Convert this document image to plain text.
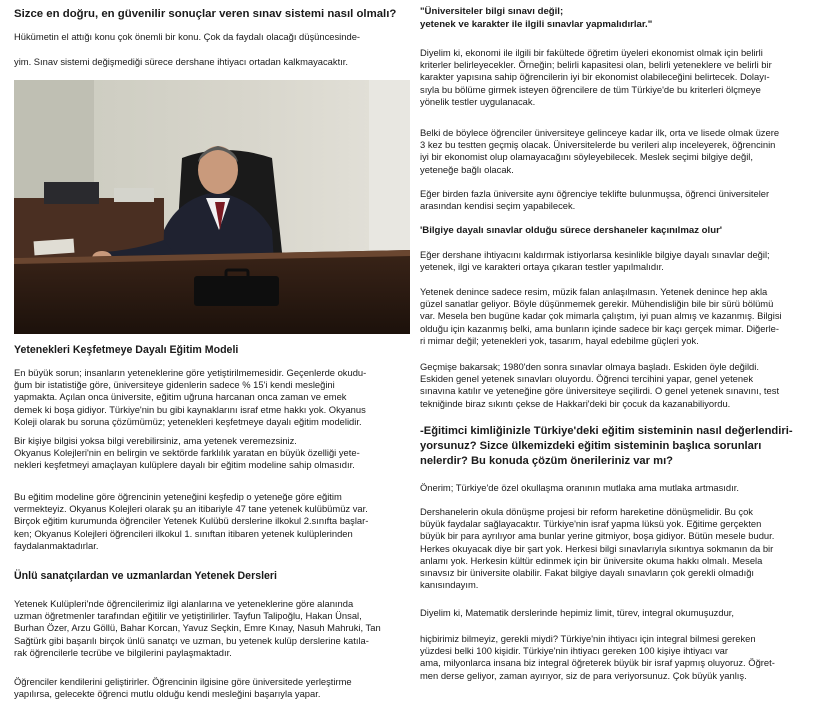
Sizce en doğru, en güvenilir sonuçlar veren sınav sistemi nasıl olmalı?
Hükümetin el attığı konu çok önemli bir konu. Çok da faydalı olacağı düşüncesinde-
yim. Sınav sistemi değişmediği sürece dershane ihtiyacı ortadan kalkmayacaktır.
Yetenekleri Keşfetmeye Dayalı Eğitim Modeli
En büyük sorun; insanların yeteneklerine göre yetiştirilmemesidir. Geçenlerde okudu-
ğum bir istatistiğe göre, üniversiteye gidenlerin sadece % 15'i kendi mesleğini
yapmakta. Açılan onca üniversite, eğitim uğruna harcanan onca zaman ve emek
demek ki boşa gidiyor. Türkiye'nin bu gibi kaynaklarını israf etme hakkı yok. Okyanus
Koleji olarak bu soruna çözümümüz; yetenekleri keşfetmeye dayalı eğitim modelidir.
Bir kişiye bilgisi yoksa bilgi verebilirsiniz, ama yetenek veremezsiniz.
Okyanus Kolejleri'nin en belirgin ve sektörde farklılık yaratan en büyük özelliği yete-
nekleri keşfetmeyi amaçlayan kulüplere dayalı bir eğitim modeline sahip olmasıdır.
Bu eğitim modeline göre öğrencinin yeteneğini keşfedip o yeteneğe göre eğitim
vermekteyiz. Okyanus Kolejleri olarak şu an itibariyle 47 tane yetenek kulübümüz var.
Birçok eğitim kurumunda öğrenciler Yetenek Kulübü derslerine ilkokul 2.sınıfta başlar-
ken; Okyanus Kolejleri öğrencileri ilkokul 1. sınıftan itibaren yetenek kulüplerinden
faydalanmaktadırlar.
Ünlü sanatçılardan ve uzmanlardan Yetenek Dersleri
Yetenek Kulüpleri'nde öğrencilerimiz ilgi alanlarına ve yeteneklerine göre alanında
uzman öğretmenler tarafından eğitilir ve yetiştirilirler. Tayfun Talipoğlu, Hakan Ünsal,
Burhan Özer, Arzu Göllü, Bahar Korcan, Yavuz Seçkin, Emre Kınay, Nasuh Mahruki, Tan
Sağtürk gibi başarılı birçok ünlü sanatçı ve uzman, bu yetenek kulüp derslerine katıla-
rak öğrencilerle tecrübe ve bilgilerini paylaşmaktadır.
Öğrenciler kendilerini geliştirirler. Öğrencinin ilgisine göre üniversitede yerleştirme
yapılırsa, gelecekte öğrenci mutlu olduğu kendi mesleğini başarıyla yapar.
"Üniversiteler bilgi sınavı değil;
yetenek ve karakter ile ilgili sınavlar yapmalıdırlar."
Diyelim ki, ekonomi ile ilgili bir fakültede öğretim üyeleri ekonomist olmak için belirli
kriterler belirleyecekler. Örneğin; belirli kapasitesi olan, belirli yeteneklere ve belirli bir
karakter yapısına sahip öğrencilerin iyi bir ekonomist olabileceğini belirtecek. Dolayı-
sıyla bu bölüme girmek isteyen öğrencilere de tüm Türkiye'de bu kriterleri ölçmeye
yönelik testler uygulanacak.
Belki de böylece öğrenciler üniversiteye gelinceye kadar ilk, orta ve lisede olmak üzere
3 kez bu testten geçmiş olacak. Üniversitelerde bu verileri alıp inceleyerek, öğrencinin
iyi bir ekonomist olup olamayacağını söyleyebilecek. Meslek seçimi bilgiye değil,
yeteneğe bağlı olacak.
Eğer birden fazla üniversite aynı öğrenciye teklifte bulunmuşsa, öğrenci üniversiteler
arasından kendisi seçim yapabilecek.
'Bilgiye dayalı sınavlar olduğu sürece dershaneler kaçınılmaz olur'
Eğer dershane ihtiyacını kaldırmak istiyorlarsa kesinlikle bilgiye dayalı sınavlar değil;
yetenek, ilgi ve karakteri ortaya çıkaran testler yapılmalıdır.
Yetenek denince sadece resim, müzik falan anlaşılmasın. Yetenek denince hep akla
güzel sanatlar geliyor. Böyle düşünmemek gerekir. Mühendisliğin bile bir sürü bölümü
var. Mesela ben bugüne kadar çok mimarla çalıştım, iyi puan almış ve kazanmış. Bilgisi
olduğu için kazanmış belki, ama bunların içinde sadece bir kaçı gerçek mimar. Diğerle-
ri mimar değil; yetenekleri yok, tasarım, hayal edebilme güçleri yok.
Geçmişe bakarsak; 1980'den sonra sınavlar olmaya başladı. Eskiden öyle değildi.
Eskiden genel yetenek sınavları oluyordu. Öğrenci tercihini yapar, genel yetenek
sınavına katılır ve yeteneğine göre üniversiteye seçilirdi. O genel yetenek sınavını, test
tekniğinde biraz sıkıntı çekse de Hakkari'deki bir çocuk da kazanabiliyordu.
-Eğitimci kimliğinizle Türkiye'deki eğitim sisteminin nasıl değerlendiri-
yorsunuz? Sizce ülkemizdeki eğitim sisteminin başlıca sorunları
nelerdir? Bu konuda çözüm önerileriniz var mı?
Önerim; Türkiye'de özel okullaşma oranının mutlaka ama mutlaka artmasıdır.
Dershanelerin okula dönüşme projesi bir reform hareketine dönüşmelidir. Bu çok
büyük faydalar sağlayacaktır. Türkiye'nin israf yapma lüksü yok. Eğitime gerçekten
büyük bir para ayrılıyor ama bunlar yerine gitmiyor, boşa gidiyor. Bütün mesele budur.
Herkes okuyacak diye bir şart yok. Herkesi bilgi sınavlarıyla sıkıntıya sokmanın da bir
anlamı yok. Herkesin kültür edinmek için bir üniversite okuma hakkı olmalı. Mesela
sınavsız bir üniversite olabilir. Fakat bilgiye dayalı sınavların çok gerekli olmadığı
kanısındayım.
Diyelim ki, Matematik derslerinde hepimiz limit, türev, integral okumuşuzdur,
hiçbirimiz bilmeyiz, gerekli miydi? Türkiye'nin ihtiyacı için integral bilmesi gereken
yüzdesi belki 100 kişidir. Türkiye'nin ihtiyacı gereken 100 kişiye ihtiyacı var
ama, milyonlarca insana biz integral öğreterek büyük bir israf yapmış oluyoruz. Öğret-
men derse geliyor, zaman ayırıyor, siz de para veriyorsunuz. Çok büyük yanlış.
